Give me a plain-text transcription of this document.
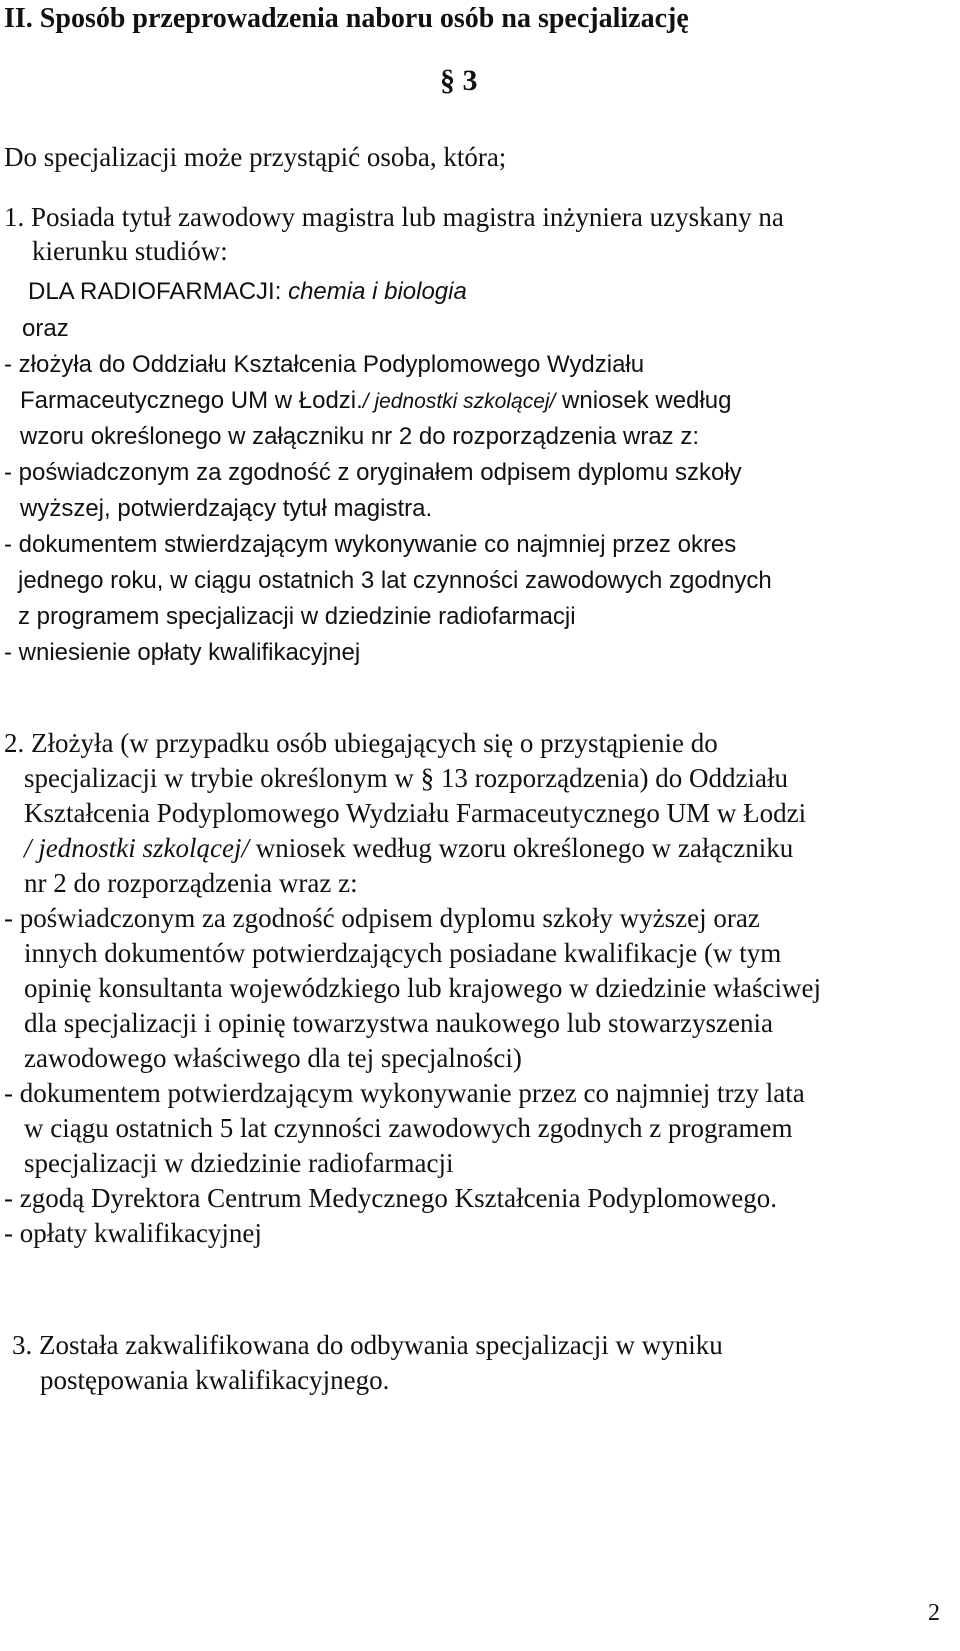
II. Sposób przeprowadzenia naboru osób na specjalizację
§ 3
Do specjalizacji może przystąpić osoba, która;
1. Posiada tytuł zawodowy magistra lub magistra inżyniera uzyskany na
kierunku studiów:
DLA RADIOFARMACJI: chemia i biologia
oraz
- złożyła do Oddziału Kształcenia Podyplomowego Wydziału
Farmaceutycznego UM w Łodzi./ jednostki szkolącej/ wniosek według
wzoru określonego w załączniku nr 2 do rozporządzenia wraz z:
- poświadczonym za zgodność z oryginałem odpisem dyplomu szkoły
wyższej, potwierdzający tytuł magistra.
- dokumentem stwierdzającym wykonywanie co najmniej przez okres
jednego roku, w ciągu ostatnich 3 lat czynności zawodowych zgodnych
z programem specjalizacji w dziedzinie radiofarmacji
- wniesienie opłaty kwalifikacyjnej
2. Złożyła (w przypadku osób ubiegających się o przystąpienie do
specjalizacji w trybie określonym w § 13 rozporządzenia) do Oddziału
Kształcenia Podyplomowego Wydziału Farmaceutycznego UM w Łodzi
/ jednostki szkolącej/ wniosek według wzoru określonego w załączniku
nr 2 do rozporządzenia wraz z:
- poświadczonym za zgodność odpisem dyplomu szkoły wyższej oraz
innych dokumentów potwierdzających posiadane kwalifikacje (w tym
opinię konsultanta wojewódzkiego lub krajowego w dziedzinie właściwej
dla specjalizacji i opinię towarzystwa naukowego lub stowarzyszenia
zawodowego właściwego dla tej specjalności)
- dokumentem potwierdzającym wykonywanie przez co najmniej trzy lata
w ciągu ostatnich 5 lat czynności zawodowych zgodnych z programem
specjalizacji w dziedzinie radiofarmacji
- zgodą Dyrektora Centrum Medycznego Kształcenia Podyplomowego.
- opłaty kwalifikacyjnej
3. Została zakwalifikowana do odbywania specjalizacji w wyniku
postępowania kwalifikacyjnego.
2
